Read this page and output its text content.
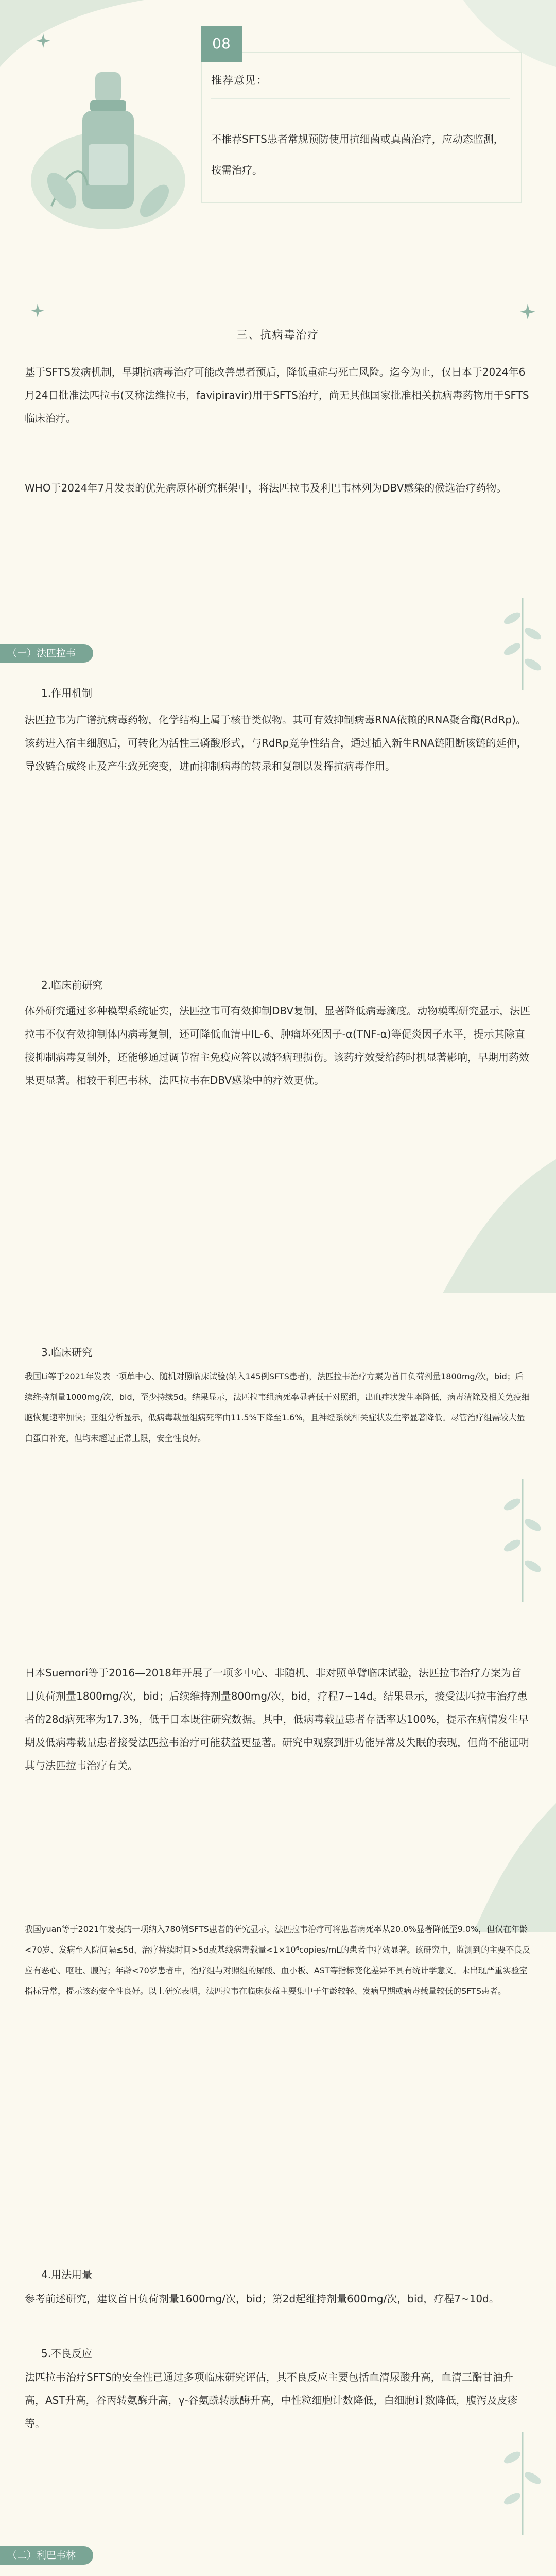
08
推荐意见：

不推荐SFTS患者常规预防使用抗细菌或真菌治疗，应动态监测，按需治疗。

三、抗病毒治疗

基于SFTS发病机制，早期抗病毒治疗可能改善患者预后，降低重症与死亡风险。迄今为止，仅日本于2024年6月24日批准法匹拉韦(又称法维拉韦，favipiravir)用于SFTS治疗，尚无其他国家批准相关抗病毒药物用于SFTS临床治疗。

WHO于2024年7月发表的优先病原体研究框架中，将法匹拉韦及利巴韦林列为DBV感染的候选治疗药物。

（一）法匹拉韦
1.作用机制

法匹拉韦为广谱抗病毒药物，化学结构上属于核苷类似物。其可有效抑制病毒RNA依赖的RNA聚合酶(RdRp)。该药进入宿主细胞后，可转化为活性三磷酸形式，与RdRp竞争性结合，通过插入新生RNA链阻断该链的延伸，导致链合成终止及产生致死突变，进而抑制病毒的转录和复制以发挥抗病毒作用。

2.临床前研究

体外研究通过多种模型系统证实，法匹拉韦可有效抑制DBV复制，显著降低病毒滴度。动物模型研究显示，法匹拉韦不仅有效抑制体内病毒复制，还可降低血清中IL-6、肿瘤坏死因子-α(TNF-α)等促炎因子水平，提示其除直接抑制病毒复制外，还能够通过调节宿主免疫应答以减轻病理损伤。该药疗效受给药时机显著影响，早期用药效果更显著。相较于利巴韦林，法匹拉韦在DBV感染中的疗效更优。

3.临床研究

我国Li等于2021年发表一项单中心、随机对照临床试验(纳入145例SFTS患者)，法匹拉韦治疗方案为首日负荷剂量1800mg/次，bid；后续维持剂量1000mg/次，bid，至少持续5d。结果显示，法匹拉韦组病死率显著低于对照组，出血症状发生率降低，病毒清除及相关免疫细胞恢复速率加快；亚组分析显示，低病毒载量组病死率由11.5%下降至1.6%，且神经系统相关症状发生率显著降低。尽管治疗组需较大量白蛋白补充，但均未超过正常上限，安全性良好。

日本Suemori等于2016—2018年开展了一项多中心、非随机、非对照单臂临床试验，法匹拉韦治疗方案为首日负荷剂量1800mg/次，bid；后续维持剂量800mg/次，bid，疗程7~14d。结果显示，接受法匹拉韦治疗患者的28d病死率为17.3%，低于日本既往研究数据。其中，低病毒载量患者存活率达100%，提示在病情发生早期及低病毒载量患者接受法匹拉韦治疗可能获益更显著。研究中观察到肝功能异常及失眠的表现，但尚不能证明其与法匹拉韦治疗有关。

我国yuan等于2021年发表的一项纳入780例SFTS患者的研究显示，法匹拉韦治疗可将患者病死率从20.0%显著降低至9.0%，但仅在年龄<70岁、发病至入院间隔≤5d、治疗持续时间>5d或基线病毒载量<1×10⁶copies/mL的患者中疗效显著。该研究中，监测到的主要不良反应有恶心、呕吐、腹泻；年龄<70岁患者中，治疗组与对照组的尿酸、血小板、AST等指标变化差异不具有统计学意义。未出现严重实验室指标异常，提示该药安全性良好。以上研究表明，法匹拉韦在临床获益主要集中于年龄较轻、发病早期或病毒载量较低的SFTS患者。

4.用法用量

参考前述研究，建议首日负荷剂量1600mg/次，bid；第2d起维持剂量600mg/次，bid，疗程7~10d。

5.不良反应

法匹拉韦治疗SFTS的安全性已通过多项临床研究评估，其不良反应主要包括血清尿酸升高，血清三酯甘油升高，AST升高，谷丙转氨酶升高，γ-谷氨酰转肽酶升高，中性粒细胞计数降低，白细胞计数降低，腹泻及皮疹等。

（二）利巴韦林
